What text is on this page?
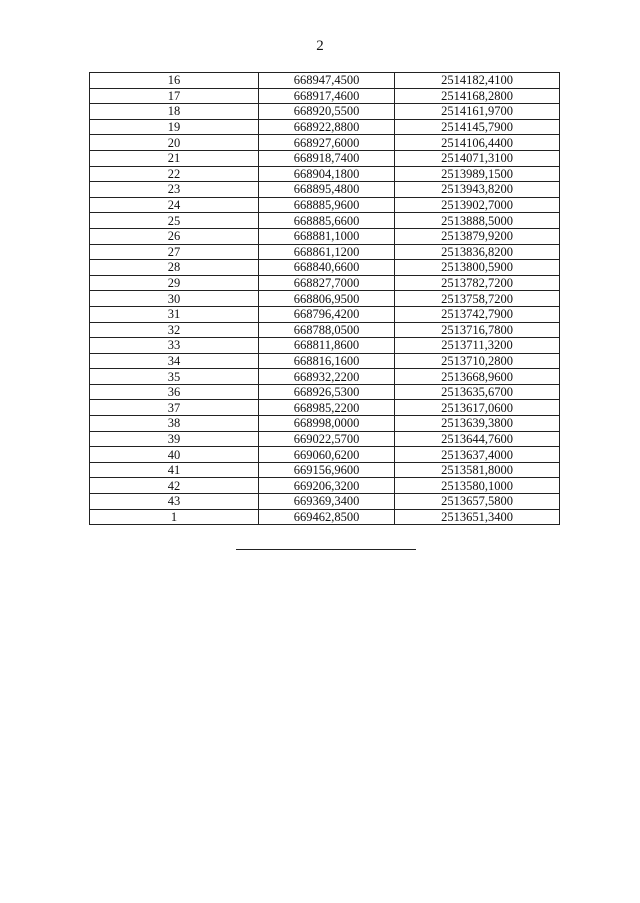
2
16	668947,4500	2514182,4100
17	668917,4600	2514168,2800
18	668920,5500	2514161,9700
19	668922,8800	2514145,7900
20	668927,6000	2514106,4400
21	668918,7400	2514071,3100
22	668904,1800	2513989,1500
23	668895,4800	2513943,8200
24	668885,9600	2513902,7000
25	668885,6600	2513888,5000
26	668881,1000	2513879,9200
27	668861,1200	2513836,8200
28	668840,6600	2513800,5900
29	668827,7000	2513782,7200
30	668806,9500	2513758,7200
31	668796,4200	2513742,7900
32	668788,0500	2513716,7800
33	668811,8600	2513711,3200
34	668816,1600	2513710,2800
35	668932,2200	2513668,9600
36	668926,5300	2513635,6700
37	668985,2200	2513617,0600
38	668998,0000	2513639,3800
39	669022,5700	2513644,7600
40	669060,6200	2513637,4000
41	669156,9600	2513581,8000
42	669206,3200	2513580,1000
43	669369,3400	2513657,5800
1	669462,8500	2513651,3400
